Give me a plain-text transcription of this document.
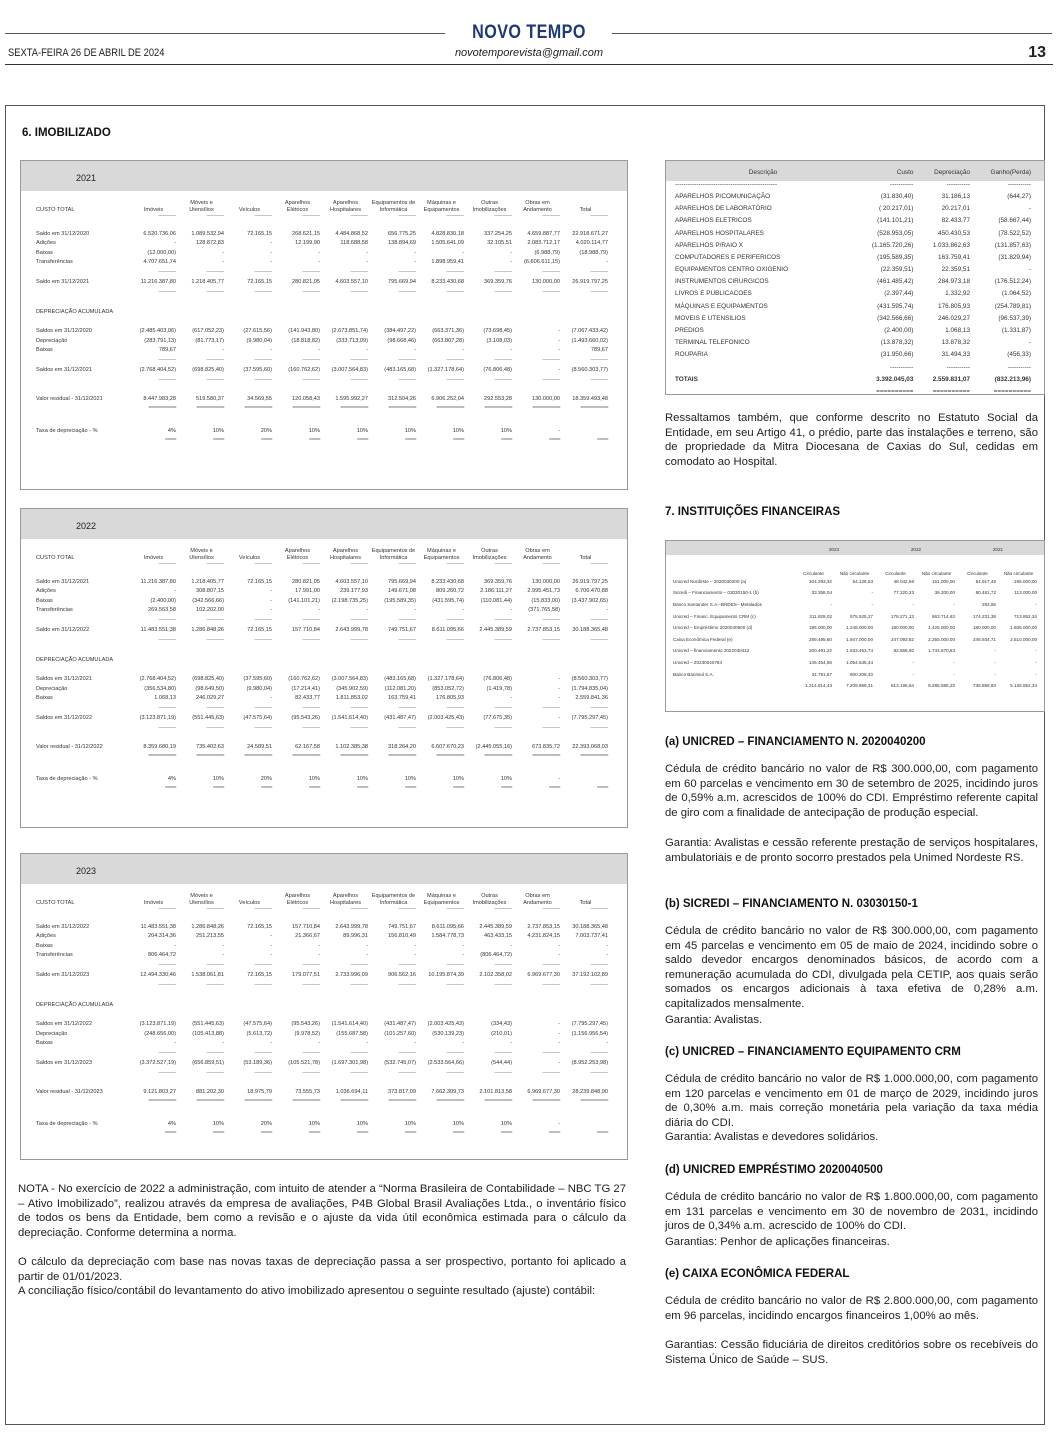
NOVO TEMPO
SEXTA-FEIRA 26 DE ABRIL DE 2024	novotemporevista@gmail.com	13
6. IMOBILIZADO
2021
CUSTO TOTAL	Imóveis	Móveis e Utensílios	Veículos	Aparelhos Elétricos	Aparelhos Hospitalares	Equipamentos de Informática	Máquinas e Equipamentos	Outras Imobilizações	Obras em Andamento	Total
	-------------	-------------	-------------	-------------	-------------	-------------	-------------	-------------	-------------	-------------

Saldo em 31/12/2020	6.520.736,06	1.089.532,94	72.165,15	268.621,15	4.484.868,52	656.775,25	4.828.830,18	337.254,25	4.659.887,77	22.918.671,27
Adições	-	128.872,83	-	12.199,90	118.688,58	138.894,69	1.505.641,09	32.105,51	2.083.712,17	4.020.114,77
Baixas	(12.000,00)	-	-	-	-	-	-	-	(6.988,79)	(18.988,79)
Transferências	4.707.651,74	-	-	-	-	-	1.898.959,41	-	(6.606.611,15)	-
	-------------	-------------	-------------	-------------	-------------	-------------	-------------	-------------	-------------	-------------
Saldo em 31/12/2021	11.216.387,80	1.218.405,77	72.165,15	280.821,05	4.603.557,10	795.669,94	8.233.430,68	369.359,76	130.000,00	26.919.797,25
	-------------	-------------	-------------	-------------	-------------	-------------	-------------	-------------	-------------	-------------

DEPRECIAÇÃO ACUMULADA										

Saldos em 31/12/2020	(2.485.403,06)	(617.052,23)	(27.615,56)	(141.943,80)	(2.673.851,74)	(384.497,22)	(663.371,36)	(73.698,45)	-	(7.067.433,42)
Depreciação	(283.791,13)	(81.773,17)	(9.980,04)	(18.818,82)	(333.713,09)	(98.668,46)	(663.807,28)	(3.108,03)	-	(1.493.660,02)
Baixas	789,67	-	-	-	-	-	-	-	-	789,67
	-------------	-------------	-------------	-------------	-------------	-------------	-------------	-------------	-------------	-------------
Saldos em 31/12/2021	(2.768.404,52)	(698.825,40)	(37.595,60)	(160.762,62)	(3.007.564,83)	(483.165,68)	(1.327.178,64)	(76.806,48)	-	(8.560.303,77)
	-------------	-------------	-------------	-------------	-------------	-------------	-------------	-------------	-------------	-------------

Valor residual - 31/12/2021	8.447.983,28	519.580,37	34.569,55	120.058,43	1.595.992,27	312.504,26	6.906.252,04	292.553,28	130.000,00	18.359.493,48
	==========	==========	==========	==========	==========	==========	==========	==========	==========	==========

Taxa de depreciação - %	4%	10%	20%	10%	10%	10%	10%	10%	-	
	====	====	====	====	====	====	====	====	====	====
2022
CUSTO TOTAL	Imóveis	Móveis e Utensílios	Veículos	Aparelhos Elétricos	Aparelhos Hospitalares	Equipamentos de Informática	Máquinas e Equipamentos	Outras Imobilizações	Obras em Andamento	Total
	-------------	-------------	-------------	-------------	-------------	-------------	-------------	-------------	-------------	-------------

Saldo em 31/12/2021	11.216.387,80	1.218.405,77	72.165,15	280.821,05	4.603.557,10	795.669,94	8.233.430,68	369.359,76	130.000,00	26.919.797,25
Adições	-	308.807,15	-	17.991,00	239.177,93	149.671,08	809.260,72	2.186.111,27	2.995.451,73	6.706.470,88
Baixas	(2.400,00)	(342.566,66)	-	(141.101,21)	(2.198.735,25)	(195.589,35)	(431.595,74)	(110.081,44)	(15.833,00)	(3.437.902,65)
Transferências	269.563,58	102.202,00	-	-	-	-	-	-	(371.765,58)	-
	-------------	-------------	-------------	-------------	-------------	-------------	-------------	-------------	-------------	-------------
Saldo em 31/12/2022	11.483.551,38	1.286.848,26	72.165,15	157.710,84	2.643.999,78	749.751,67	8.611.095,66	2.445.389,59	2.737.853,15	30.188.365,48
	-------------	-------------	-------------	-------------	-------------	-------------	-------------	-------------	-------------	-------------

DEPRECIAÇÃO ACUMULADA										

Saldos em 31/12/2021	(2.768.404,52)	(698.825,40)	(37.595,60)	(160.762,62)	(3.007.564,83)	(483.165,68)	(1.327.178,64)	(76.806,48)	-	(8.560.303,77)
Depreciação	(356.534,80)	(98.649,50)	(9.980,04)	(17.214,41)	(345.902,59)	(112.081,20)	(853.052,72)	(1.419,78)	-	(1.794.835,04)
Baixas	1.068,13	246.029,27	-	82.433,77	1.811.853,02	163.759,41	176.805,93	-	-	2.559.841,36
	-------------	-------------	-------------	-------------	-------------	-------------	-------------	-------------	-------------	-------------
Saldos em 31/12/2022	(3.123.871,19)	(551.445,63)	(47.575,64)	(95.543,26)	(1.541.614,40)	(431.487,47)	(2.003.425,43)	(77.675,35)	-	(7.795.297,45)
	-------------	-------------	-------------	-------------	-------------	-------------	-------------	-------------	-------------	-------------

Valor residual - 31/12/2022	8.359.680,19	735.402,63	24.589,51	62.167,58	1.102.385,38	318.264,20	6.607.670,23	(2.445.055,16)	673.835,72	22.393.068,03
	==========	==========	==========	==========	==========	==========	==========	==========	==========	==========

Taxa de depreciação - %	4%	10%	20%	10%	10%	10%	10%	10%	-	
	====	====	====	====	====	====	====	====	====	====
2023
CUSTO TOTAL	Imóveis	Móveis e Utensílios	Veículos	Aparelhos Elétricos	Aparelhos Hospitalares	Equipamentos de Informática	Máquinas e Equipamentos	Outras Imobilizações	Obras em Andamento	Total
	-------------	-------------	-------------	-------------	-------------	-------------	-------------	-------------	-------------	-------------

Saldo em 31/12/2022	11.483.551,38	1.286.848,26	72.165,15	157.710,84	2.643.999,78	749.751,67	8.611.095,66	2.445.389,59	2.737.853,15	30.188.365,48
Adições	204.314,36	251.213,55	-	21.366,67	89.996,31	156.810,49	1.584.778,73	463.433,15	4.231.824,15	7.003.737,41
Baixas	-	-	-	-	-	-	-	-	-	-
Transferências	806.464,72	-	-	-	-	-	-	(806.464,72)	-	-
	-------------	-------------	-------------	-------------	-------------	-------------	-------------	-------------	-------------	-------------
Saldo em 31/12/2023	12.494.330,46	1.538.061,81	72.165,15	179.077,51	2.733.996,09	906.562,16	10.195.874,39	2.102.358,02	6.969.677,30	37.192.102,89
	-------------	-------------	-------------	-------------	-------------	-------------	-------------	-------------	-------------	-------------

DEPRECIAÇÃO ACUMULADA										

Saldos em 31/12/2022	(3.123.871,19)	(551.445,63)	(47.575,64)	(95.543,26)	(1.541.614,40)	(431.487,47)	(2.003.425,43)	(334,43)	-	(7.795.297,45)
Depreciação	(248.656,00)	(105.413,88)	(5.613,72)	(9.978,52)	(155.687,58)	(101.257,60)	(530.139,23)	(210,01)	-	(1.156.956,54)
Baixas	-	-	-	-	-	-	-	-	-	-
	-------------	-------------	-------------	-------------	-------------	-------------	-------------	-------------	-------------	-------------
Saldos em 31/12/2023	(3.372.527,19)	(656.859,51)	(53.189,36)	(105.521,78)	(1.697.301,98)	(532.745,07)	(2.533.564,66)	(544,44)	-	(8.952.253,98)
	-------------	-------------	-------------	-------------	-------------	-------------	-------------	-------------	-------------	-------------

Valor residual - 31/12/2023	9.121.803,27	881.202,30	18.975,79	73.555,73	1.036.694,11	373.817,09	7.662.309,73	2.101.813,58	6.969.677,30	28.239.848,90
	==========	==========	==========	==========	==========	==========	==========	==========	==========	==========

Taxa de depreciação - %	4%	10%	20%	10%	10%	10%	10%	10%	-	
	====	====	====	====	====	====	====	====	====	====

NOTA - No exercício de 2022 a administração, com intuito de atender a “Norma Brasileira de Contabilidade – NBC TG 27 – Ativo Imobilizado”, realizou através da empresa de avaliações, P4B Global Brasil Avaliações Ltda., o inventário físico de todos os bens da Entidade, bem como a revisão e o ajuste da vida útil econômica estimada para o cálculo da depreciação. Conforme determina a norma.

O cálculo da depreciação com base nas novas taxas de depreciação passa a ser prospectivo, portanto foi aplicado a partir de 01/01/2023.

A conciliação físico/contábil do levantamento do ativo imobilizado apresentou o seguinte resultado (ajuste) contábil:

Descrição	Custo	Depreciação	Ganho(Perda)
------------------------------------------------	-----------	-----------	-----------
APARELHOS P/COMUNICAÇÃO	(31.830,40)	31.186,13	(644,27)
APARELHOS DE LABORATÓRIO	( 20.217,01)	20.217,01	-
APARELHOS ELETRICOS	(141.101,21)	82.433,77	(58.667,44)
APARELHOS HOSPITALARES	(528.953,05)	450.430,53	(78.522,52)
APARELHOS P/RAIO X	(1.165.720,26)	1.033.862,63	(131.857,63)
COMPUTADORES E PERIFERICOS	(195.589,35)	163.759,41	(31.829,94)
EQUIPAMENTOS CENTRO OXIGENIO	(22.359,51)	22.359,51	-
INSTRUMENTOS CIRURGICOS	(461.485,42)	284.973,18	(176.512,24)
LIVROS E PUBLICACOES	(2.397,44)	1.332,92	(1.064,52)
MÁQUINAS E EQUIPAMENTOS	(431.595,74)	176.805,93	(254.789,81)
MOVEIS E UTENSILIOS	(342.566,66)	246.029,27	(96.537,39)
PREDIOS	(2.400,00)	1.068,13	(1.331,87)
TERMINAL TELEFONICO	(13.878,32)	13.878,32	-
ROUPARIA	(31.950,66)	31.494,33	(456,33)
	-----------	-----------	-----------
TOTAIS	3.392.045,03	2.559.831,07	(832.213,96)
	==========	==========	==========

Ressaltamos também, que conforme descrito no Estatuto Social da Entidade, em seu Artigo 41, o prédio, parte das instalações e terreno, são de propriedade da Mitra Diocesana de Caxias do Sul, cedidas em comodato ao Hospital.

7. INSTITUIÇÕES FINANCEIRAS
	2023		2022		2021	
	Circulante	Não circulante	Circulante	Não circulante	Circulante	Não circulante
Unicred Nordeste – 2020040200 (a)	104.293,32	54.126,53	48.042,66	161.000,00	54.917,46	195.000,00
Sicredi – Financiamento – 03030150-1 (b)	33.358,04	-	77.220,23	36.200,00	80.481,72	113.000,00
Banco Santander S.A.–BNDES– Metalados	-	-	-	-	293,56	-
Unicred – Financ. Equipamento CRM (c)	211.929,02	575.525,27	178.271,13	663.714,63	174.231,38	713.852,34
Unicred – Empréstimo 2020040500 (d)	195.000,00	1.245.000,00	180.000,00	1.425.000,00	180.000,00	1.605.000,00
Caixa Econômica Federal (e)	289.495,60	1.947.000,00	247.093,82	2.255.000,00	246.934,71	2.510.000,00
Unicred – financiamento 2022040412	200.491,22	1.533.453,74	82.568,60	1.744.670,63	-	-
Unicred – 20230040784	145.454,56	1.054.545,44	-	-	-	-
Banco Banrisul S.A.	34.791,67	800.208,33	-	-	-	-
	1.214.814,43	7.209.859,31	813.196,64	6.285.585,20	736.858,83	5.136.852,34
(a) UNICRED – FINANCIAMENTO N. 2020040200

Cédula de crédito bancário no valor de R$ 300.000,00, com pagamento em 60 parcelas e vencimento em 30 de setembro de 2025, incidindo juros de 0,59% a.m. acrescidos de 100% do CDI. Empréstimo referente capital de giro com a finalidade de antecipação de produção especial.

Garantia: Avalistas e cessão referente prestação de serviços hospitalares, ambulatoriais e de pronto socorro prestados pela Unimed Nordeste RS.

(b) SICREDI – FINANCIAMENTO N. 03030150-1

Cédula de crédito bancário no valor de R$ 300.000,00, com pagamento em 45 parcelas e vencimento em 05 de maio de 2024, incidindo sobre o saldo devedor encargos denominados básicos, de acordo com a remuneração acumulada do CDI, divulgada pela CETIP, aos quais serão somados os encargos adicionais à taxa efetiva de 0,28% a.m. capitalizados mensalmente.

Garantia: Avalistas.

(c) UNICRED – FINANCIAMENTO EQUIPAMENTO CRM

Cédula de crédito bancário no valor de R$ 1.000.000,00, com pagamento em 120 parcelas e vencimento em 01 de março de 2029, incidindo juros de 0,30% a.m. mais correção monetária pela variação da taxa média diária do CDI.

Garantia: Avalistas e devedores solidários.

(d) UNICRED EMPRÉSTIMO 2020040500

Cédula de crédito bancário no valor de R$ 1.800.000,00, com pagamento em 131 parcelas e vencimento em 30 de novembro de 2031, incidindo juros de 0,34% a.m. acrescido de 100% do CDI.

Garantias: Penhor de aplicações financeiras.

(e) CAIXA ECONÔMICA FEDERAL

Cédula de crédito bancário no valor de R$ 2.800.000,00, com pagamento em 96 parcelas, incidindo encargos financeiros 1,00% ao mês.

Garantias: Cessão fiduciária de direitos creditórios sobre os recebíveis do Sistema Único de Saúde – SUS.
